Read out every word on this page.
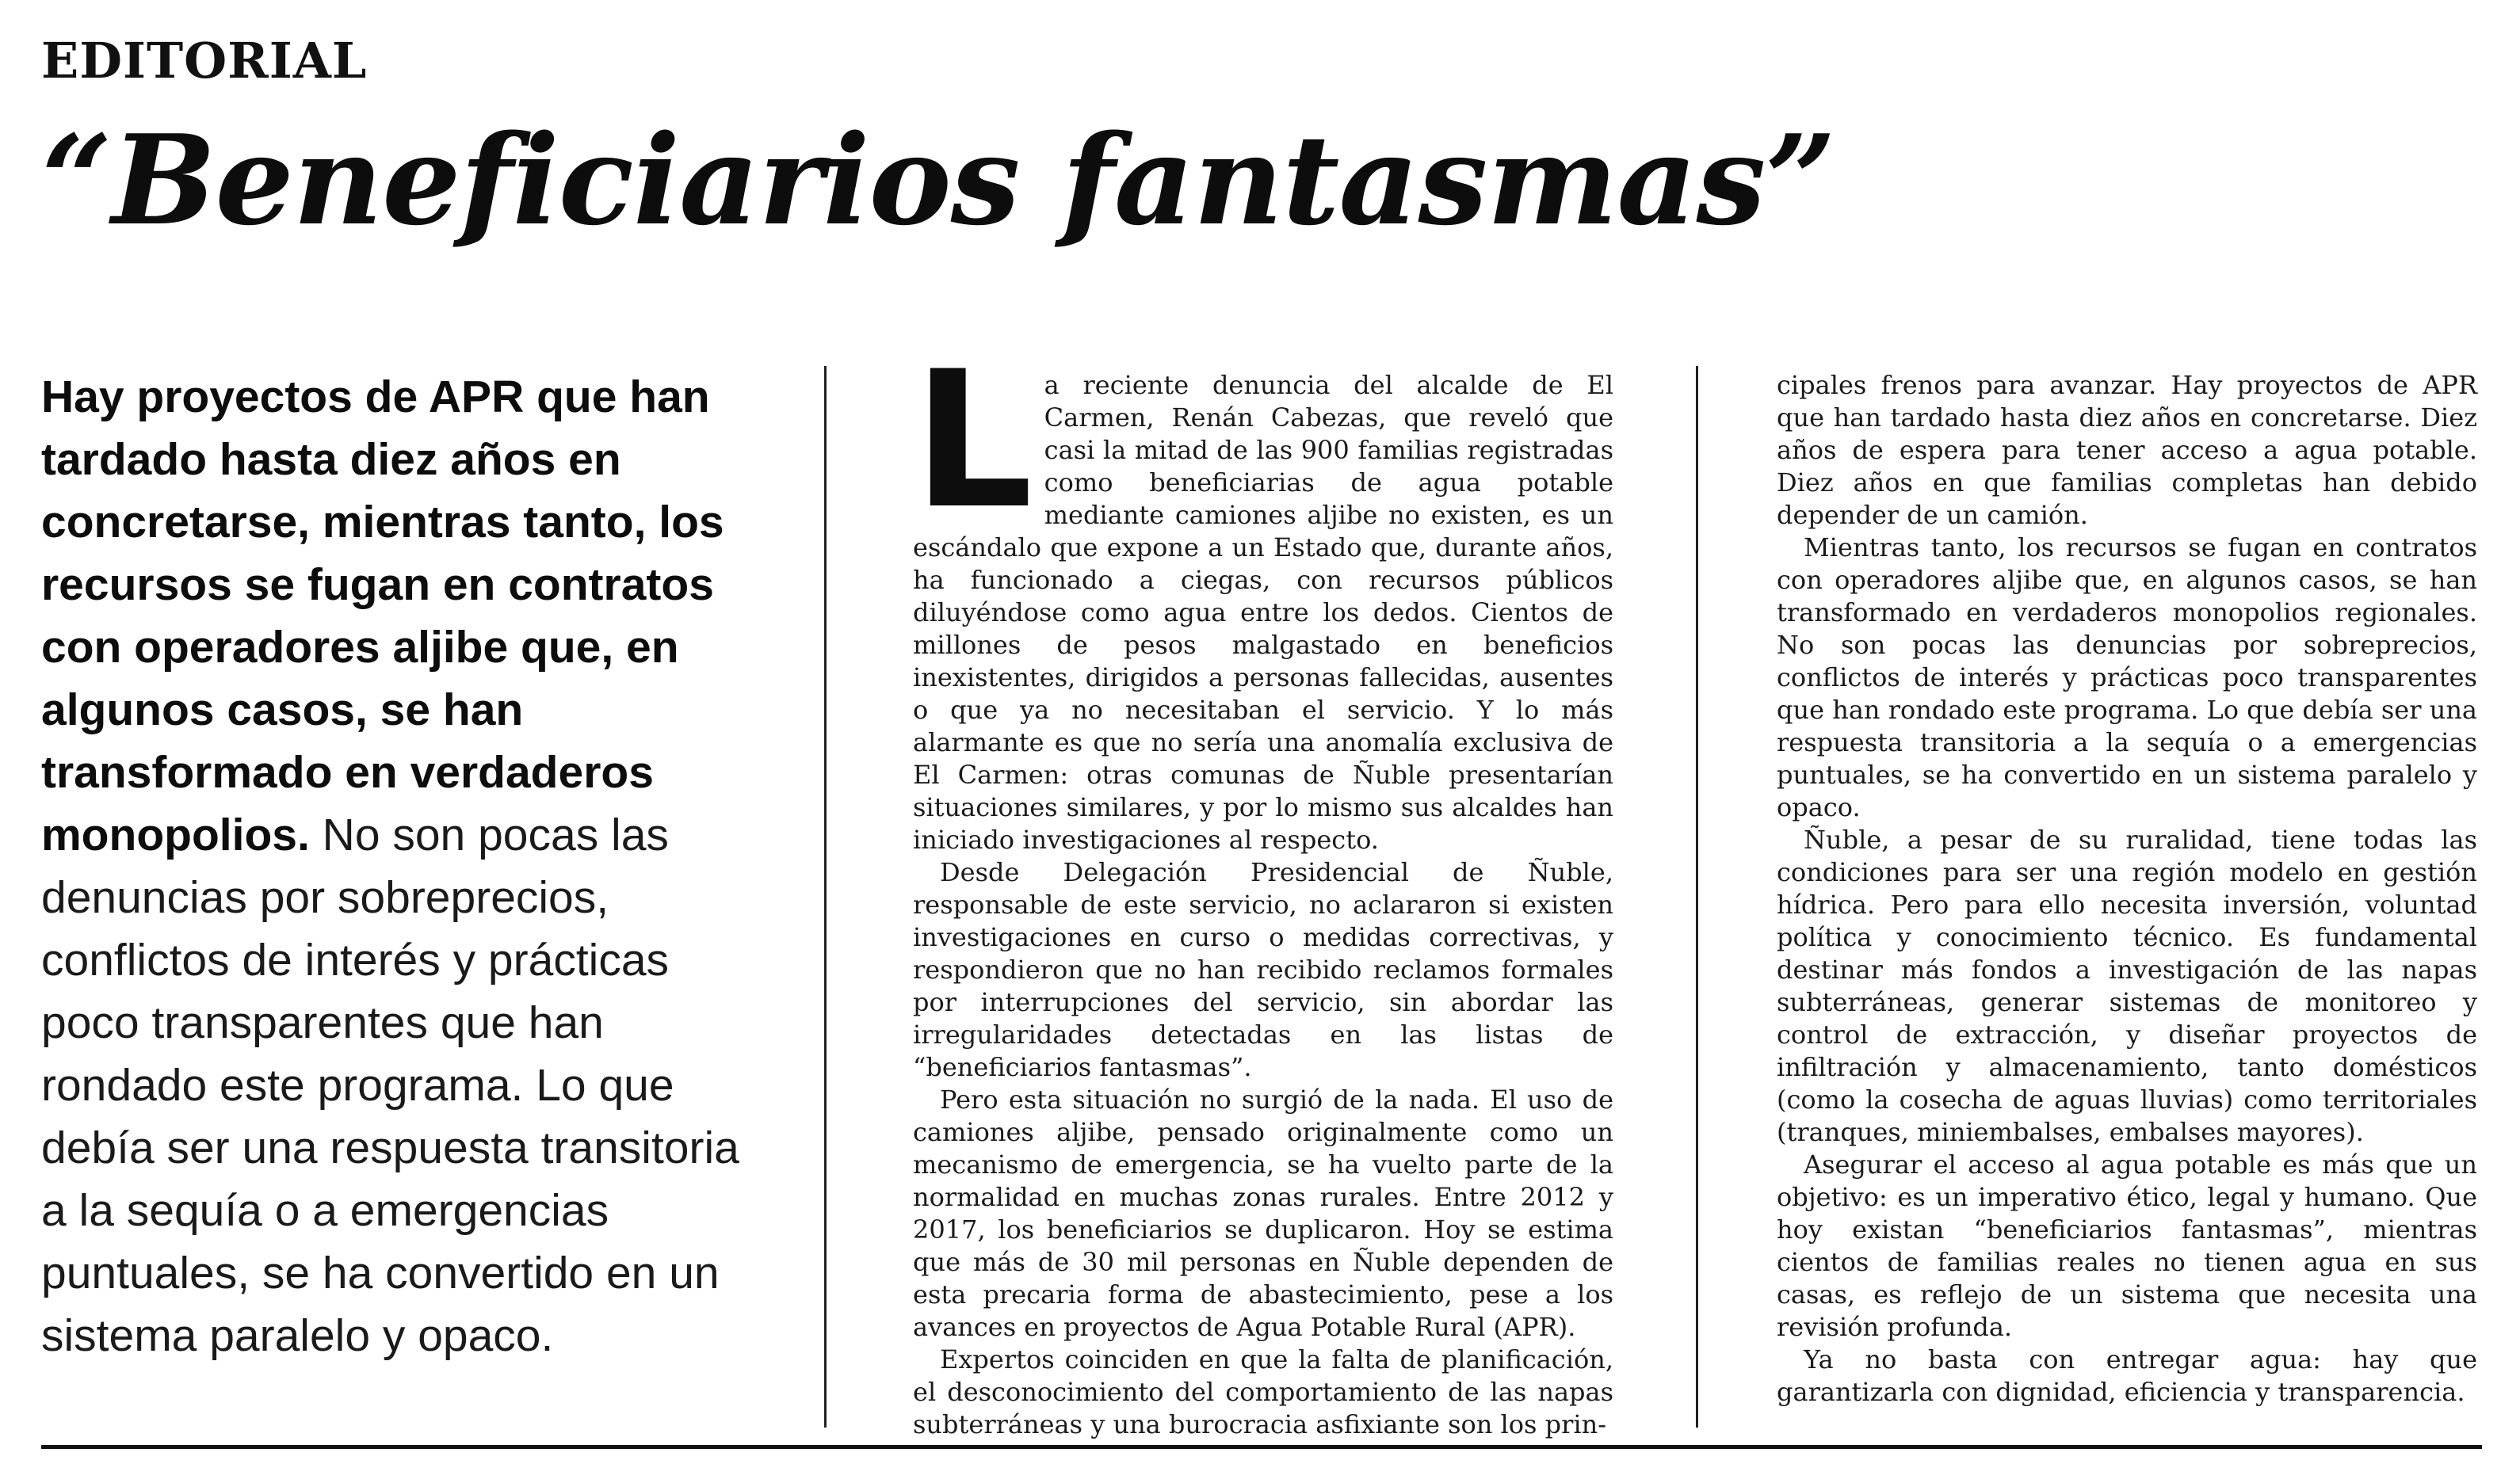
EDITORIAL
“Beneficiarios fantasmas”
Hay proyectos de APR que han tardado hasta diez años en concretarse, mientras tanto, los recursos se fugan en contratos con operadores aljibe que, en algunos casos, se han transformado en verdaderos monopolios. No son pocas las denuncias por sobreprecios, conflictos de interés y prácticas poco transparentes que han rondado este programa. Lo que debía ser una respuesta transitoria a la sequía o a emergencias puntuales, se ha convertido en un sistema paralelo y opaco.

La reciente denuncia del alcalde de El Carmen, Renán Cabezas, que reveló que casi la mitad de las 900 familias registradas como beneficiarias de agua potable mediante camiones aljibe no existen, es un escándalo que expone a un Estado que, durante años, ha funcionado a ciegas, con recursos públicos diluyéndose como agua entre los dedos. Cientos de millones de pesos malgastado en beneficios inexistentes, dirigidos a personas fallecidas, ausentes o que ya no necesitaban el servicio. Y lo más alarmante es que no sería una anomalía exclusiva de El Carmen: otras comunas de Ñuble presentarían situaciones similares, y por lo mismo sus alcaldes han iniciado investigaciones al respecto.

Desde Delegación Presidencial de Ñuble, responsable de este servicio, no aclararon si existen investigaciones en curso o medidas correctivas, y respondieron que no han recibido reclamos formales por interrupciones del servicio, sin abordar las irregularidades detectadas en las listas de “beneficiarios fantasmas”.

Pero esta situación no surgió de la nada. El uso de camiones aljibe, pensado originalmente como un mecanismo de emergencia, se ha vuelto parte de la normalidad en muchas zonas rurales. Entre 2012 y 2017, los beneficiarios se duplicaron. Hoy se estima que más de 30 mil personas en Ñuble dependen de esta precaria forma de abastecimiento, pese a los avances en proyectos de Agua Potable Rural (APR).

Expertos coinciden en que la falta de planificación, el desconocimiento del comportamiento de las napas subterráneas y una burocracia asfixiante son los prin-

cipales frenos para avanzar. Hay proyectos de APR que han tardado hasta diez años en concretarse. Diez años de espera para tener acceso a agua potable. Diez años en que familias completas han debido depender de un camión.

Mientras tanto, los recursos se fugan en contratos con operadores aljibe que, en algunos casos, se han transformado en verdaderos monopolios regionales. No son pocas las denuncias por sobreprecios, conflictos de interés y prácticas poco transparentes que han rondado este programa. Lo que debía ser una respuesta transitoria a la sequía o a emergencias puntuales, se ha convertido en un sistema paralelo y opaco.

Ñuble, a pesar de su ruralidad, tiene todas las condiciones para ser una región modelo en gestión hídrica. Pero para ello necesita inversión, voluntad política y conocimiento técnico. Es fundamental destinar más fondos a investigación de las napas subterráneas, generar sistemas de monitoreo y control de extracción, y diseñar proyectos de infiltración y almacenamiento, tanto domésticos (como la cosecha de aguas lluvias) como territoriales (tranques, miniembalses, embalses mayores).

Asegurar el acceso al agua potable es más que un objetivo: es un imperativo ético, legal y humano. Que hoy existan “beneficiarios fantasmas”, mientras cientos de familias reales no tienen agua en sus casas, es reflejo de un sistema que necesita una revisión profunda.

Ya no basta con entregar agua: hay que garantizarla con dignidad, eficiencia y transparencia.
